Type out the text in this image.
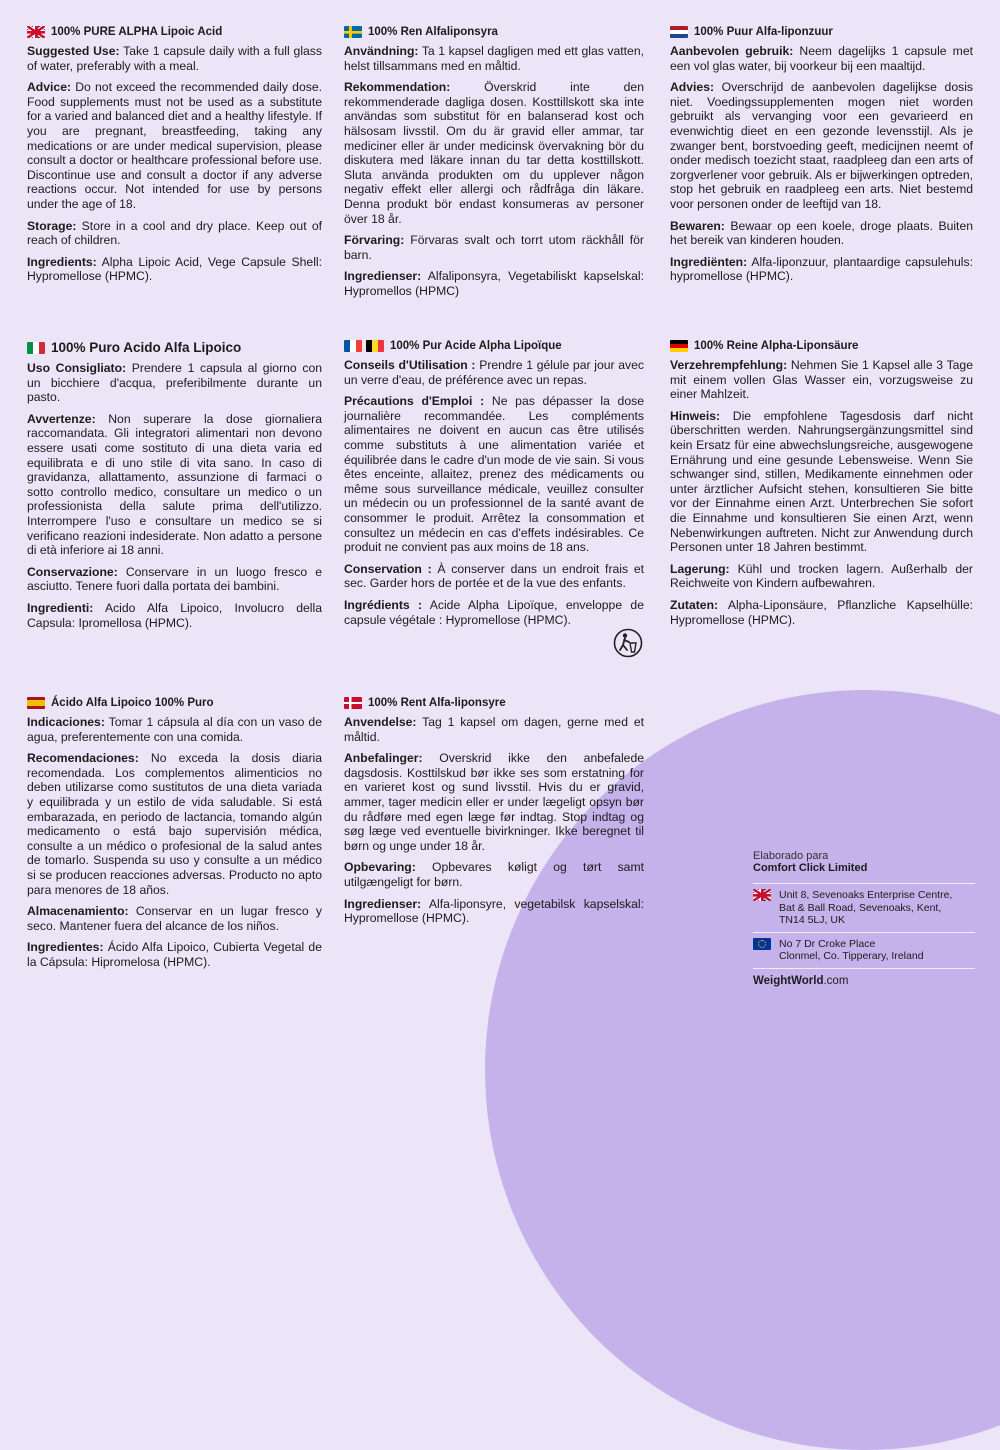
100% PURE ALPHA Lipoic Acid

Suggested Use: Take 1 capsule daily with a full glass of water, preferably with a meal.

Advice: Do not exceed the recommended daily dose. Food supplements must not be used as a substitute for a varied and balanced diet and a healthy lifestyle. If you are pregnant, breastfeeding, taking any medications or are under medical supervision, please consult a doctor or healthcare professional before use. Discontinue use and consult a doctor if any adverse reactions occur. Not intended for use by persons under the age of 18.

Storage: Store in a cool and dry place. Keep out of reach of children.

Ingredients: Alpha Lipoic Acid, Vege Capsule Shell: Hypromellose (HPMC).

100% Ren Alfaliponsyra

Användning: Ta 1 kapsel dagligen med ett glas vatten, helst tillsammans med en måltid.

Rekommendation: Överskrid inte den rekommenderade dagliga dosen. Kosttillskott ska inte användas som substitut för en balanserad kost och hälsosam livsstil. Om du är gravid eller ammar, tar mediciner eller är under medicinsk övervakning bör du diskutera med läkare innan du tar detta kosttillskott. Sluta använda produkten om du upplever någon negativ effekt eller allergi och rådfråga din läkare. Denna produkt bör endast konsumeras av personer över 18 år.

Förvaring: Förvaras svalt och torrt utom räckhåll för barn.

Ingredienser: Alfaliponsyra, Vegetabiliskt kapselskal: Hypromellos (HPMC)

100% Puur Alfa-liponzuur

Aanbevolen gebruik: Neem dagelijks 1 capsule met een vol glas water, bij voorkeur bij een maaltijd.

Advies: Overschrijd de aanbevolen dagelijkse dosis niet. Voedingssupplementen mogen niet worden gebruikt als vervanging voor een gevarieerd en evenwichtig dieet en een gezonde levensstijl. Als je zwanger bent, borstvoeding geeft, medicijnen neemt of onder medisch toezicht staat, raadpleeg dan een arts of zorgverlener voor gebruik. Als er bijwerkingen optreden, stop het gebruik en raadpleeg een arts. Niet bestemd voor personen onder de leeftijd van 18.

Bewaren: Bewaar op een koele, droge plaats. Buiten het bereik van kinderen houden.

Ingrediënten: Alfa-liponzuur, plantaardige capsulehuls: hypromellose (HPMC).

100% Puro Acido Alfa Lipoico

Uso Consigliato: Prendere 1 capsula al giorno con un bicchiere d'acqua, preferibilmente durante un pasto.

Avvertenze: Non superare la dose giornaliera raccomandata. Gli integratori alimentari non devono essere usati come sostituto di una dieta varia ed equilibrata e di uno stile di vita sano. In caso di gravidanza, allattamento, assunzione di farmaci o sotto controllo medico, consultare un medico o un professionista della salute prima dell'utilizzo. Interrompere l'uso e consultare un medico se si verificano reazioni indesiderate. Non adatto a persone di età inferiore ai 18 anni.

Conservazione: Conservare in un luogo fresco e asciutto. Tenere fuori dalla portata dei bambini.

Ingredienti: Acido Alfa Lipoico, Involucro della Capsula: Ipromellosa (HPMC).

100% Pur Acide Alpha Lipoïque

Conseils d'Utilisation : Prendre 1 gélule par jour avec un verre d'eau, de préférence avec un repas.

Précautions d'Emploi : Ne pas dépasser la dose journalière recommandée. Les compléments alimentaires ne doivent en aucun cas être utilisés comme substituts à une alimentation variée et équilibrée dans le cadre d'un mode de vie sain. Si vous êtes enceinte, allaitez, prenez des médicaments ou même sous surveillance médicale, veuillez consulter un médecin ou un professionnel de la santé avant de consommer le produit. Arrêtez la consommation et consultez un médecin en cas d'effets indésirables. Ce produit ne convient pas aux moins de 18 ans.

Conservation : À conserver dans un endroit frais et sec. Garder hors de portée et de la vue des enfants.

Ingrédients : Acide Alpha Lipoïque, enveloppe de capsule végétale : Hypromellose (HPMC).

100% Reine Alpha-Liponsäure

Verzehrempfehlung: Nehmen Sie 1 Kapsel alle 3 Tage mit einem vollen Glas Wasser ein, vorzugsweise zu einer Mahlzeit.

Hinweis: Die empfohlene Tagesdosis darf nicht überschritten werden. Nahrungsergänzungsmittel sind kein Ersatz für eine abwechslungsreiche, ausgewogene Ernährung und eine gesunde Lebensweise. Wenn Sie schwanger sind, stillen, Medikamente einnehmen oder unter ärztlicher Aufsicht stehen, konsultieren Sie bitte vor der Einnahme einen Arzt. Unterbrechen Sie sofort die Einnahme und konsultieren Sie einen Arzt, wenn Nebenwirkungen auftreten. Nicht zur Anwendung durch Personen unter 18 Jahren bestimmt.

Lagerung: Kühl und trocken lagern. Außerhalb der Reichweite von Kindern aufbewahren.

Zutaten: Alpha-Liponsäure, Pflanzliche Kapselhülle: Hypromellose (HPMC).

Ácido Alfa Lipoico 100% Puro

Indicaciones: Tomar 1 cápsula al día con un vaso de agua, preferentemente con una comida.

Recomendaciones: No exceda la dosis diaria recomendada. Los complementos alimenticios no deben utilizarse como sustitutos de una dieta variada y equilibrada y un estilo de vida saludable. Si está embarazada, en periodo de lactancia, tomando algún medicamento o está bajo supervisión médica, consulte a un médico o profesional de la salud antes de tomarlo. Suspenda su uso y consulte a un médico si se producen reacciones adversas. Producto no apto para menores de 18 años.

Almacenamiento: Conservar en un lugar fresco y seco. Mantener fuera del alcance de los niños.

Ingredientes: Ácido Alfa Lipoico, Cubierta Vegetal de la Cápsula: Hipromelosa (HPMC).

100% Rent Alfa-liponsyre

Anvendelse: Tag 1 kapsel om dagen, gerne med et måltid.

Anbefalinger: Overskrid ikke den anbefalede dagsdosis. Kosttilskud bør ikke ses som erstatning for en varieret kost og sund livsstil. Hvis du er gravid, ammer, tager medicin eller er under lægeligt opsyn bør du rådføre med egen læge før indtag. Stop indtag og søg læge ved eventuelle bivirkninger. Ikke beregnet til børn og unge under 18 år.

Opbevaring: Opbevares køligt og tørt samt utilgængeligt for børn.

Ingredienser: Alfa-liponsyre, vegetabilsk kapselskal: Hypromellose (HPMC).

Elaborado para
Comfort Click Limited
Unit 8, Sevenoaks Enterprise Centre,
Bat & Ball Road, Sevenoaks, Kent,
TN14 5LJ, UK
No 7 Dr Croke Place
Clonmel, Co. Tipperary, Ireland
WeightWorld.com
